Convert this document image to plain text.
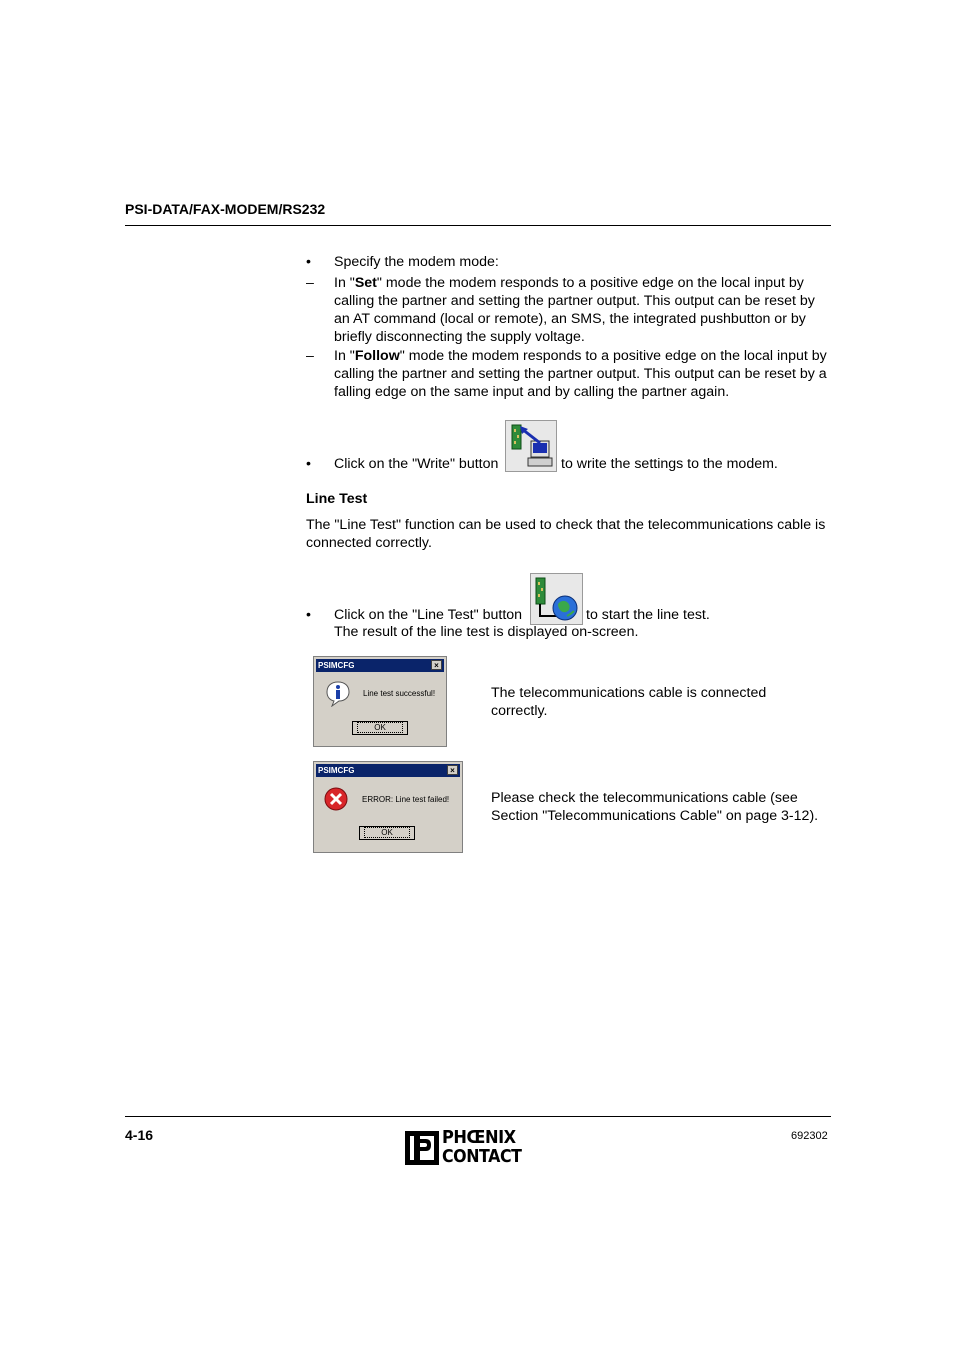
PSI-DATA/FAX-MODEM/RS232
• Specify the modem mode:
– In "Set" mode the modem responds to a positive edge on the local input by
calling the partner and setting the partner output. This output can be reset by
an AT command (local or remote), an SMS, the integrated pushbutton or by
briefly disconnecting the supply voltage.
– In "Follow" mode the modem responds to a positive edge on the local input by
calling the partner and setting the partner output. This output can be reset by a
falling edge on the same input and by calling the partner again.
• Click on the "Write" button	to write the settings to the modem.
Line Test
The "Line Test" function can be used to check that the telecommunications cable is
connected correctly.
• Click on the "Line Test" button	to start the line test.
The result of the line test is displayed on-screen.
PSIMCFG	×
Line test successful!
OK
The telecommunications cable is connected
correctly.
PSIMCFG	×
ERROR: Line test failed!
OK
Please check the telecommunications cable (see
Section "Telecommunications Cable" on page 3-12).
4-16	PHŒNIX
CONTACT
692302
